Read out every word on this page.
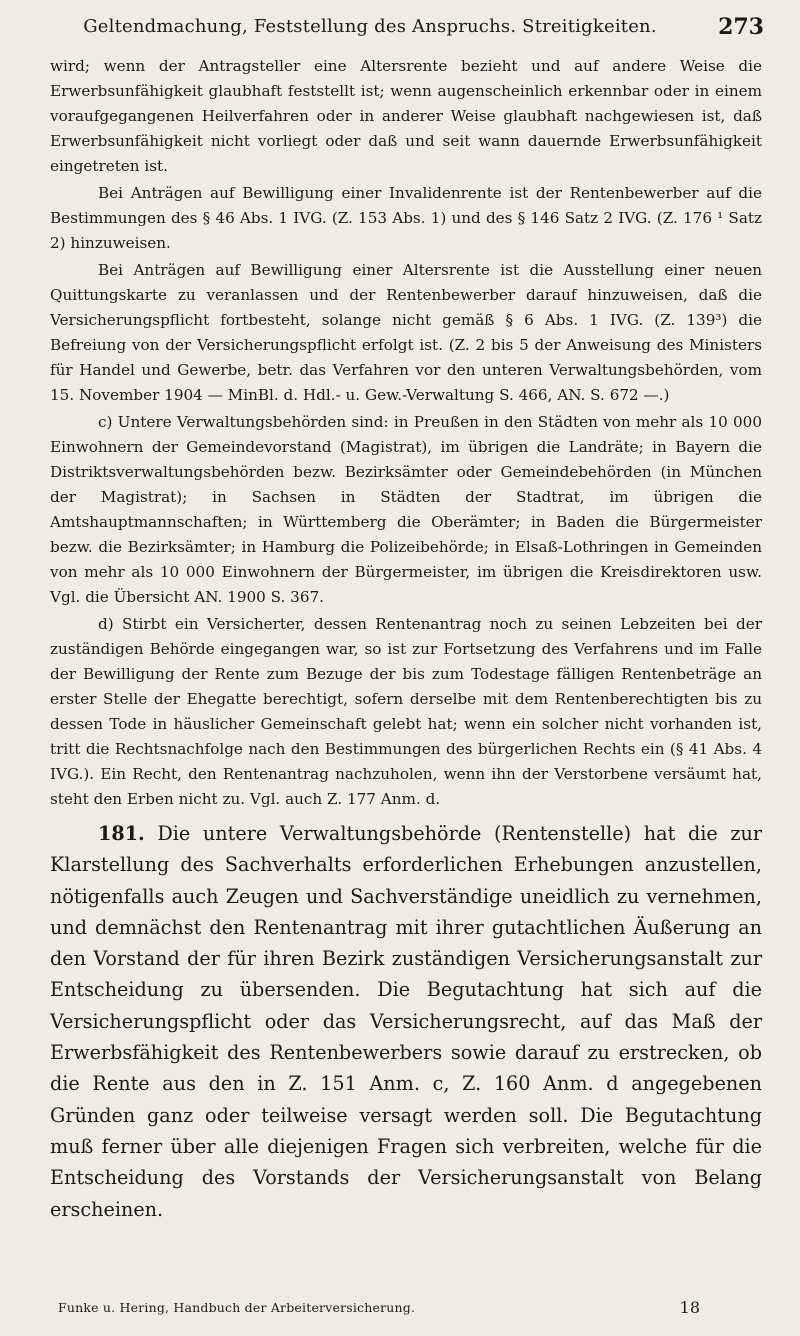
Geltendmachung, Feststellung des Anspruchs. Streitigkeiten.	273

wird; wenn der Antragsteller eine Altersrente bezieht und auf andere Weise die Erwerbsunfähigkeit glaubhaft feststellt ist; wenn augenscheinlich erkennbar oder in einem voraufgegangenen Heilverfahren oder in anderer Weise glaubhaft nachgewiesen ist, daß Erwerbsunfähigkeit nicht vorliegt oder daß und seit wann dauernde Erwerbsunfähigkeit eingetreten ist.

Bei Anträgen auf Bewilligung einer Invalidenrente ist der Rentenbewerber auf die Bestimmungen des § 46 Abs. 1 IVG. (Z. 153 Abs. 1) und des § 146 Satz 2 IVG. (Z. 176 ¹ Satz 2) hinzuweisen.

Bei Anträgen auf Bewilligung einer Altersrente ist die Ausstellung einer neuen Quittungskarte zu veranlassen und der Rentenbewerber darauf hinzuweisen, daß die Versicherungspflicht fortbesteht, solange nicht gemäß § 6 Abs. 1 IVG. (Z. 139³) die Befreiung von der Versicherungspflicht erfolgt ist. (Z. 2 bis 5 der Anweisung des Ministers für Handel und Gewerbe, betr. das Verfahren vor den unteren Verwaltungsbehörden, vom 15. November 1904 — MinBl. d. Hdl.- u. Gew.-Verwaltung S. 466, AN. S. 672 —.)

c) Untere Verwaltungsbehörden sind: in Preußen in den Städten von mehr als 10 000 Einwohnern der Gemeindevorstand (Magistrat), im übrigen die Landräte; in Bayern die Distriktsverwaltungsbehörden bezw. Bezirksämter oder Gemeindebehörden (in München der Magistrat); in Sachsen in Städten der Stadtrat, im übrigen die Amtshauptmannschaften; in Württemberg die Oberämter; in Baden die Bürgermeister bezw. die Bezirksämter; in Hamburg die Polizeibehörde; in Elsaß-Lothringen in Gemeinden von mehr als 10 000 Einwohnern der Bürgermeister, im übrigen die Kreisdirektoren usw. Vgl. die Übersicht AN. 1900 S. 367.

d) Stirbt ein Versicherter, dessen Rentenantrag noch zu seinen Lebzeiten bei der zuständigen Behörde eingegangen war, so ist zur Fortsetzung des Verfahrens und im Falle der Bewilligung der Rente zum Bezuge der bis zum Todestage fälligen Rentenbeträge an erster Stelle der Ehegatte berechtigt, sofern derselbe mit dem Rentenberechtigten bis zu dessen Tode in häuslicher Gemeinschaft gelebt hat; wenn ein solcher nicht vorhanden ist, tritt die Rechtsnachfolge nach den Bestimmungen des bürgerlichen Rechts ein (§ 41 Abs. 4 IVG.). Ein Recht, den Rentenantrag nachzuholen, wenn ihn der Verstorbene versäumt hat, steht den Erben nicht zu. Vgl. auch Z. 177 Anm. d.

181. Die untere Verwaltungsbehörde (Rentenstelle) hat die zur Klarstellung des Sachverhalts erforderlichen Erhebungen anzustellen, nötigenfalls auch Zeugen und Sachverständige uneidlich zu vernehmen, und demnächst den Rentenantrag mit ihrer gutachtlichen Äußerung an den Vorstand der für ihren Bezirk zuständigen Versicherungsanstalt zur Entscheidung zu übersenden. Die Begutachtung hat sich auf die Versicherungspflicht oder das Versicherungsrecht, auf das Maß der Erwerbsfähigkeit des Rentenbewerbers sowie darauf zu erstrecken, ob die Rente aus den in Z. 151 Anm. c, Z. 160 Anm. d angegebenen Gründen ganz oder teilweise versagt werden soll. Die Begutachtung muß ferner über alle diejenigen Fragen sich verbreiten, welche für die Entscheidung des Vorstands der Versicherungsanstalt von Belang erscheinen.

Funke u. Hering, Handbuch der Arbeiterversicherung.	18
